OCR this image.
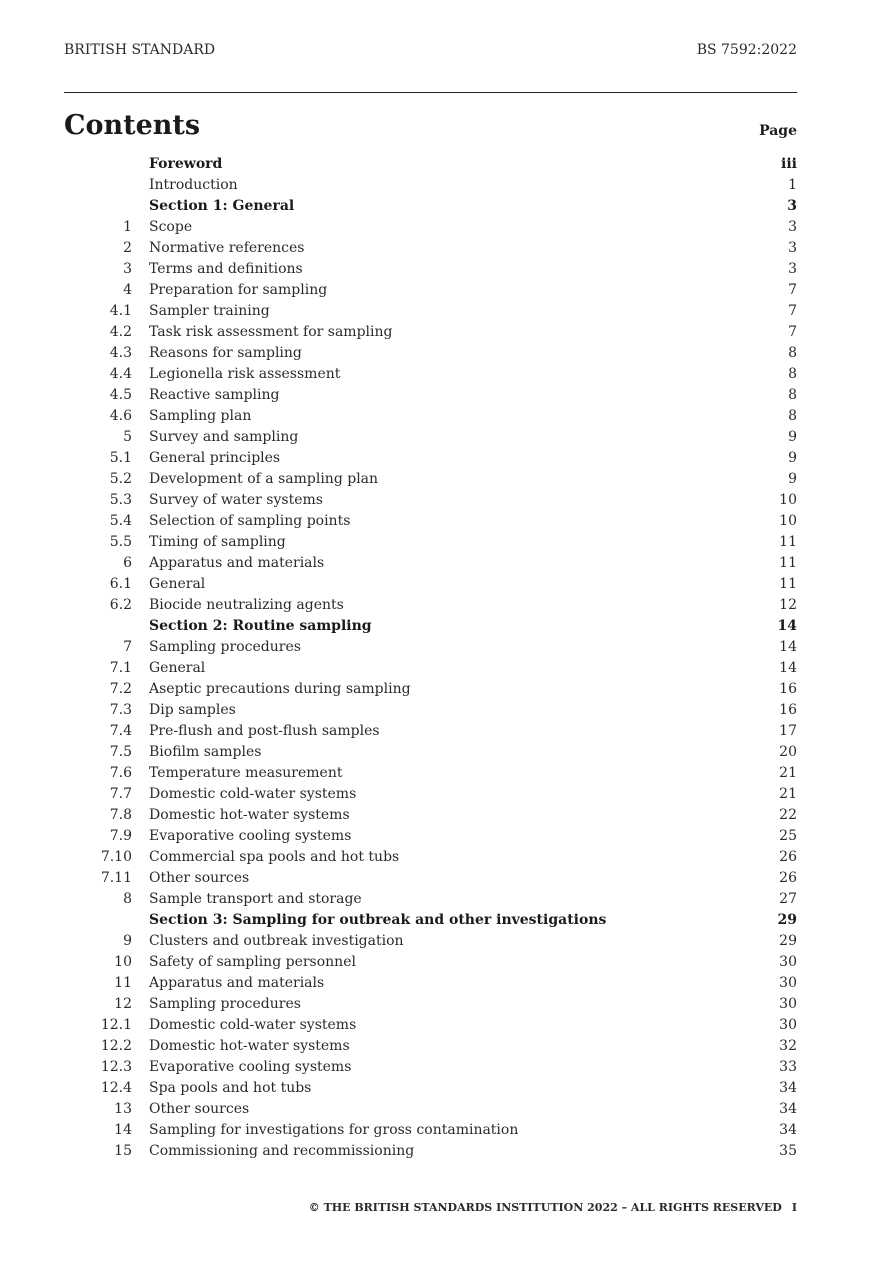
BRITISH STANDARD	BS 7592:2022
Contents	Page
Foreword	iii
Introduction	1
Section 1: General	3
1 Scope	3
2 Normative references	3
3 Terms and definitions	3
4 Preparation for sampling	7
4.1 Sampler training	7
4.2 Task risk assessment for sampling	7
4.3 Reasons for sampling	8
4.4 Legionella risk assessment	8
4.5 Reactive sampling	8
4.6 Sampling plan	8
5 Survey and sampling	9
5.1 General principles	9
5.2 Development of a sampling plan	9
5.3 Survey of water systems	10
5.4 Selection of sampling points	10
5.5 Timing of sampling	11
6 Apparatus and materials	11
6.1 General	11
6.2 Biocide neutralizing agents	12
Section 2: Routine sampling	14
7 Sampling procedures	14
7.1 General	14
7.2 Aseptic precautions during sampling	16
7.3 Dip samples	16
7.4 Pre-flush and post-flush samples	17
7.5 Biofilm samples	20
7.6 Temperature measurement	21
7.7 Domestic cold-water systems	21
7.8 Domestic hot-water systems	22
7.9 Evaporative cooling systems	25
7.10 Commercial spa pools and hot tubs	26
7.11 Other sources	26
8 Sample transport and storage	27
Section 3: Sampling for outbreak and other investigations	29
9 Clusters and outbreak investigation	29
10 Safety of sampling personnel	30
11 Apparatus and materials	30
12 Sampling procedures	30
12.1 Domestic cold-water systems	30
12.2 Domestic hot-water systems	32
12.3 Evaporative cooling systems	33
12.4 Spa pools and hot tubs	34
13 Other sources	34
14 Sampling for investigations for gross contamination	34
15 Commissioning and recommissioning	35
© THE BRITISH STANDARDS INSTITUTION 2022 – ALL RIGHTS RESERVED I
